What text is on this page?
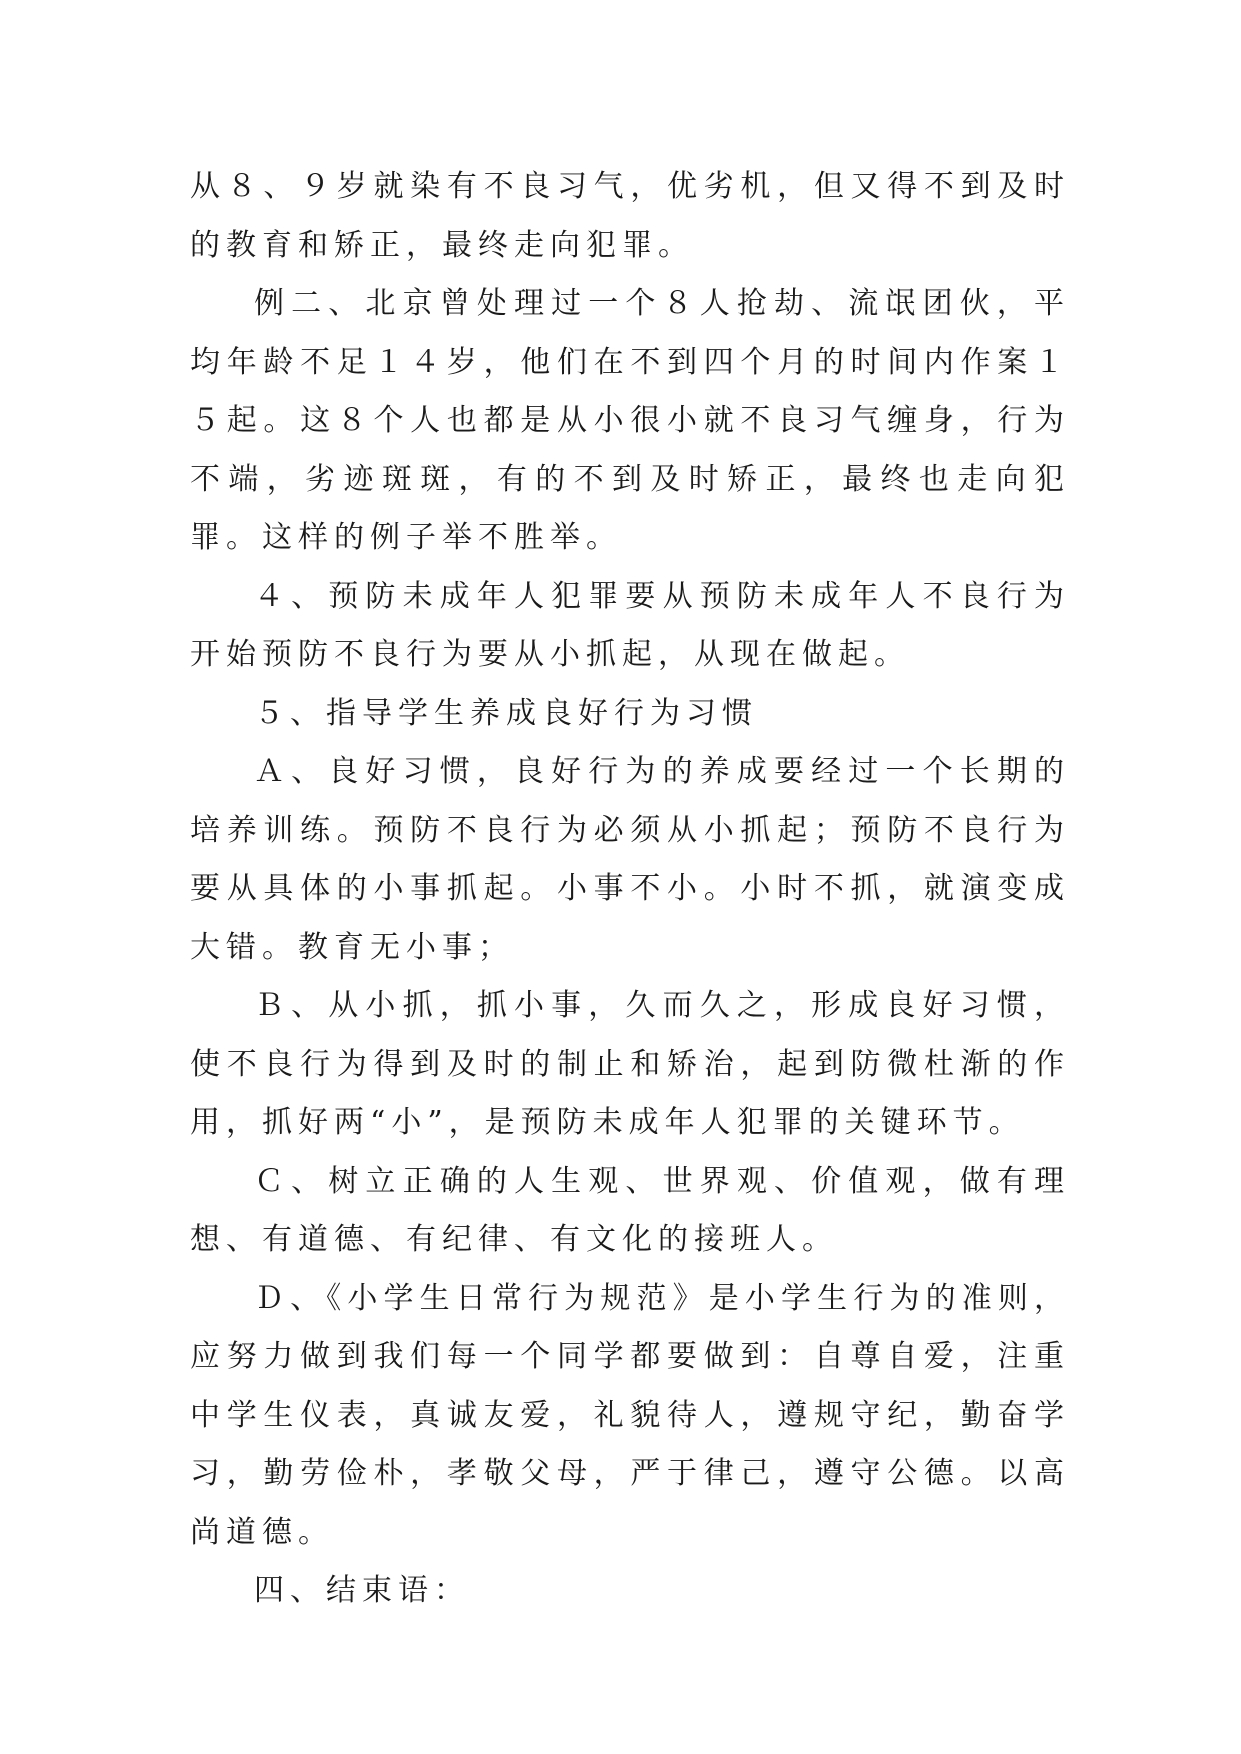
从８、９岁就染有不良习气，优劣机，但又得不到及时的教育和矫正，最终走向犯罪。

例二、北京曾处理过一个８人抢劫、流氓团伙，平均年龄不足１４岁，他们在不到四个月的时间内作案１５起。这８个人也都是从小很小就不良习气缠身，行为不端，劣迹斑斑，有的不到及时矫正，最终也走向犯罪。这样的例子举不胜举。

４、预防未成年人犯罪要从预防未成年人不良行为开始预防不良行为要从小抓起，从现在做起。

５、指导学生养成良好行为习惯

Ａ、良好习惯，良好行为的养成要经过一个长期的培养训练。预防不良行为必须从小抓起；预防不良行为要从具体的小事抓起。小事不小。小时不抓，就演变成大错。教育无小事；

Ｂ、从小抓，抓小事，久而久之，形成良好习惯，使不良行为得到及时的制止和矫治，起到防微杜渐的作用，抓好两“小”，是预防未成年人犯罪的关键环节。

Ｃ、树立正确的人生观、世界观、价值观，做有理想、有道德、有纪律、有文化的接班人。

Ｄ、《小学生日常行为规范》是小学生行为的准则，应努力做到我们每一个同学都要做到：自尊自爱，注重中学生仪表，真诚友爱，礼貌待人，遵规守纪，勤奋学习，勤劳俭朴，孝敬父母，严于律己，遵守公德。以高尚道德。

四、结束语：
